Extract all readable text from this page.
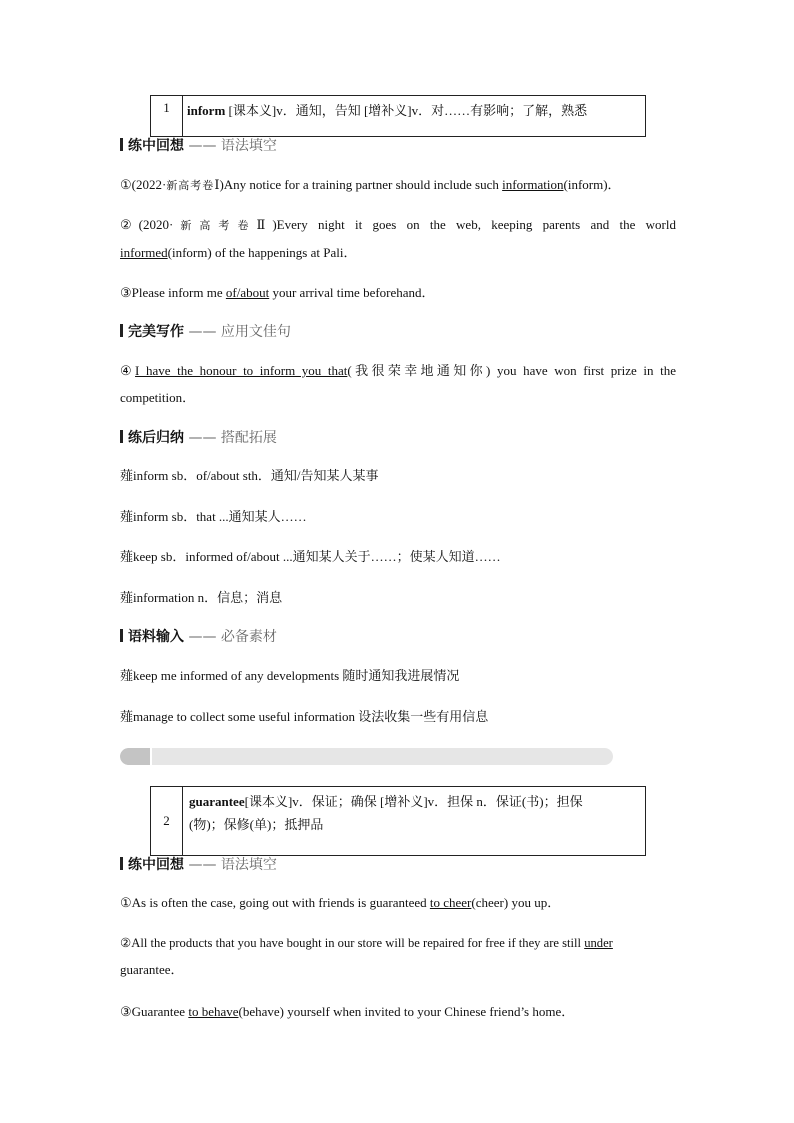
1 inform [课本义]v．通知，告知 [增补义]v．对……有影响；了解，熟悉
练中回想 —— 语法填空
①(2022·新高考卷Ⅰ)Any notice for a training partner should include such information(inform)．
②(2020·新高考卷Ⅱ)Every night it goes on the web, keeping parents and the world
informed(inform) of the happenings at Pali．
③Please inform me of/about your arrival time beforehand．
完美写作 —— 应用文佳句
④I have the honour to inform you that(我很荣幸地通知你) you have won first prize in the
competition．
练后归纳 —— 搭配拓展
薤inform sb．of/about sth．通知/告知某人某事
薤inform sb．that ...通知某人……
薤keep sb．informed of/about ...通知某人关于……；使某人知道……
薤information n．信息；消息
语料输入 —— 必备素材
薤keep me informed of any developments 随时通知我进展情况
薤manage to collect some useful information 设法收集一些有用信息
2
guarantee[课本义]v．保证；确保 [增补义]v．担保 n．保证(书)；担保
(物)；保修(单)；抵押品
练中回想 —— 语法填空
①As is often the case, going out with friends is guaranteed to cheer(cheer) you up．
②All the products that you have bought in our store will be repaired for free if they are still under
guarantee．
③Guarantee to behave(behave) yourself when invited to your Chinese friend’s home．
